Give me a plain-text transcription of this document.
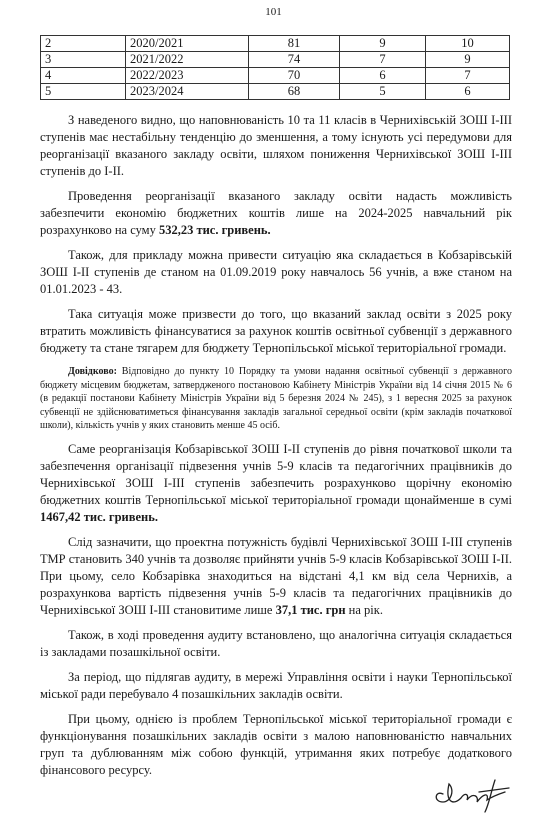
101
2	2020/2021	81	9	10
3	2021/2022	74	7	9
4	2022/2023	70	6	7
5	2023/2024	68	5	6

З наведеного видно, що наповнюваність 10 та 11 класів в Черниxівській ЗОШ І-ІІІ ступенів має нестабільну тенденцію до зменшення, а тому існують усі передумови для реорганізації вказаного закладу освіти, шляхом пониження Черниxівської ЗОШ І-ІІІ ступенів до І-ІІ.

Проведення реорганізації вказаного закладу освіти надасть можливість забезпечити економію бюджетних коштів лише на 2024-2025 навчальний рік розрахунково на суму 532,23 тис. гривень.

Також, для прикладу можна привести ситуацію яка складається в Кобзарівській ЗОШ І-ІІ ступенів де станом на 01.09.2019 року навчалось 56 учнів, а вже станом на 01.01.2023 - 43.

Така ситуація може призвести до того, що вказаний заклад освіти з 2025 року втратить можливість фінансуватися за рахунок коштів освітньої субвенції з державного бюджету та стане тягарем для бюджету Тернопільської міської територіальної громади.

Довідково: Відповідно до пункту 10 Порядку та умови надання освітньої субвенції з державного бюджету місцевим бюджетам, затвердженого постановою Кабінету Міністрів України від 14 січня 2015 № 6 (в редакції постанови Кабінету Міністрів України від 5 березня 2024 № 245), з 1 вересня 2025 за рахунок субвенції не здійснюватиметься фінансування закладів загальної середньої освіти (крім закладів початкової школи), кількість учнів у яких становить менше 45 осіб.

Саме реорганізація Кобзарівської ЗОШ І-ІІ ступенів до рівня початкової школи та забезпечення організації підвезення учнів 5-9 класів та педагогічних працівників до Черниxівської ЗОШ І-ІІІ ступенів забезпечить розрахунково щорічну економію бюджетних коштів Тернопільської міської територіальної громади щонайменше в сумі 1467,42 тис. гривень.

Слід зазначити, що проектна потужність будівлі Черниxівської ЗОШ І-ІІІ ступенів ТМР становить 340 учнів та дозволяє прийняти учнів 5-9 класів Кобзарівської ЗОШ І-ІІ. При цьому, село Кобзарівка знаходиться на відстані 4,1 км від села Черниxів, а розрахункова вартість підвезення учнів 5-9 класів та педагогічних працівників до Черниxівської ЗОШ І-ІІІ становитиме лише 37,1 тис. грн на рік.

Також, в ході проведення аудиту встановлено, що аналогічна ситуація складається із закладами позашкільної освіти.

За період, що підлягав аудиту, в мережі Управління освіти і науки Тернопільської міської ради перебувало 4 позашкільних закладів освіти.

При цьому, однією із проблем Тернопільської міської територіальної громади є функціонування позашкільних закладів освіти з малою наповнюваністю навчальних груп та дублюванням між собою функцій, утримання яких потребує додаткового фінансового ресурсу.
